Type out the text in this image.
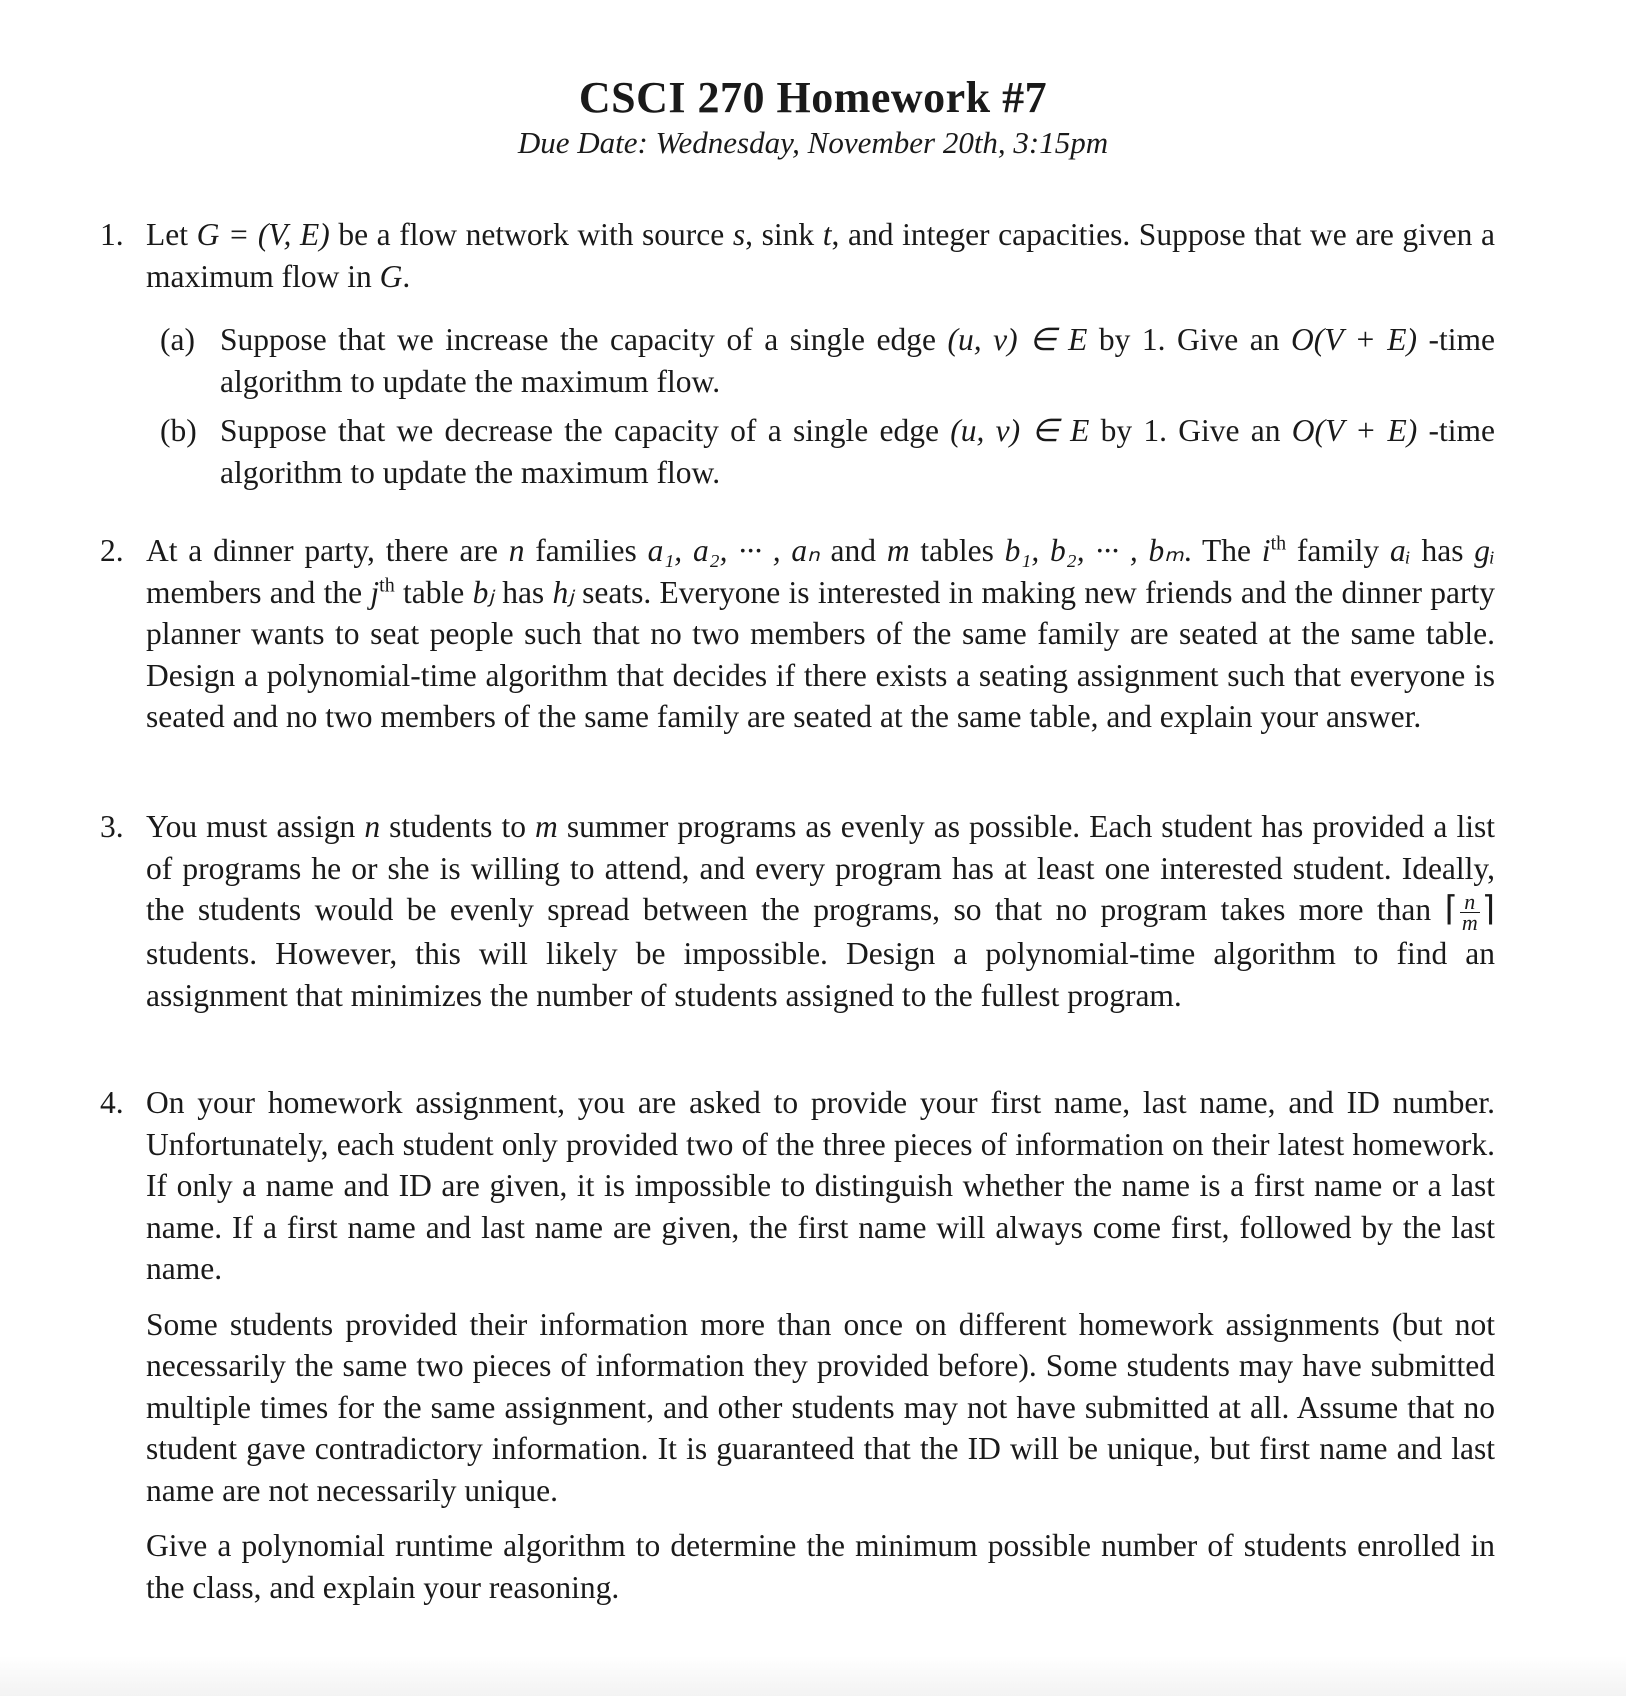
CSCI 270 Homework #7
Due Date: Wednesday, November 20th, 3:15pm
1. Let G = (V, E) be a flow network with source s, sink t, and integer capacities. Suppose that we are given a maximum flow in G.
(a) Suppose that we increase the capacity of a single edge (u, v) ∈ E by 1. Give an O(V + E) -time algorithm to update the maximum flow.
(b) Suppose that we decrease the capacity of a single edge (u, v) ∈ E by 1. Give an O(V + E) -time algorithm to update the maximum flow.
2. At a dinner party, there are n families a₁, a₂, ··· , aₙ and m tables b₁, b₂, ··· , bₘ. The $i^{th}$ family aᵢ has gᵢ members and the $j^{th}$ table bⱼ has hⱼ seats. Everyone is interested in making new friends and the dinner party planner wants to seat people such that no two members of the same family are seated at the same table. Design a polynomial-time algorithm that decides if there exists a seating assignment such that everyone is seated and no two members of the same family are seated at the same table, and explain your answer.
3. You must assign n students to m summer programs as evenly as possible. Each student has provided a list of programs he or she is willing to attend, and every program has at least one interested student. Ideally, the students would be evenly spread between the programs, so that no program takes more than ⌈ $\frac{n}{m}$ ⌉ students. However, this will likely be impossible. Design a polynomial-time algorithm to find an assignment that minimizes the number of students assigned to the fullest program.
4. On your homework assignment, you are asked to provide your first name, last name, and ID number. Unfortunately, each student only provided two of the three pieces of information on their latest homework. If only a name and ID are given, it is impossible to distinguish whether the name is a first name or a last name. If a first name and last name are given, the first name will always come first, followed by the last name.
Some students provided their information more than once on different homework assignments (but not necessarily the same two pieces of information they provided before). Some students may have submitted multiple times for the same assignment, and other students may not have submitted at all. Assume that no student gave contradictory information. It is guaranteed that the ID will be unique, but first name and last name are not necessarily unique.
Give a polynomial runtime algorithm to determine the minimum possible number of students enrolled in the class, and explain your reasoning.
